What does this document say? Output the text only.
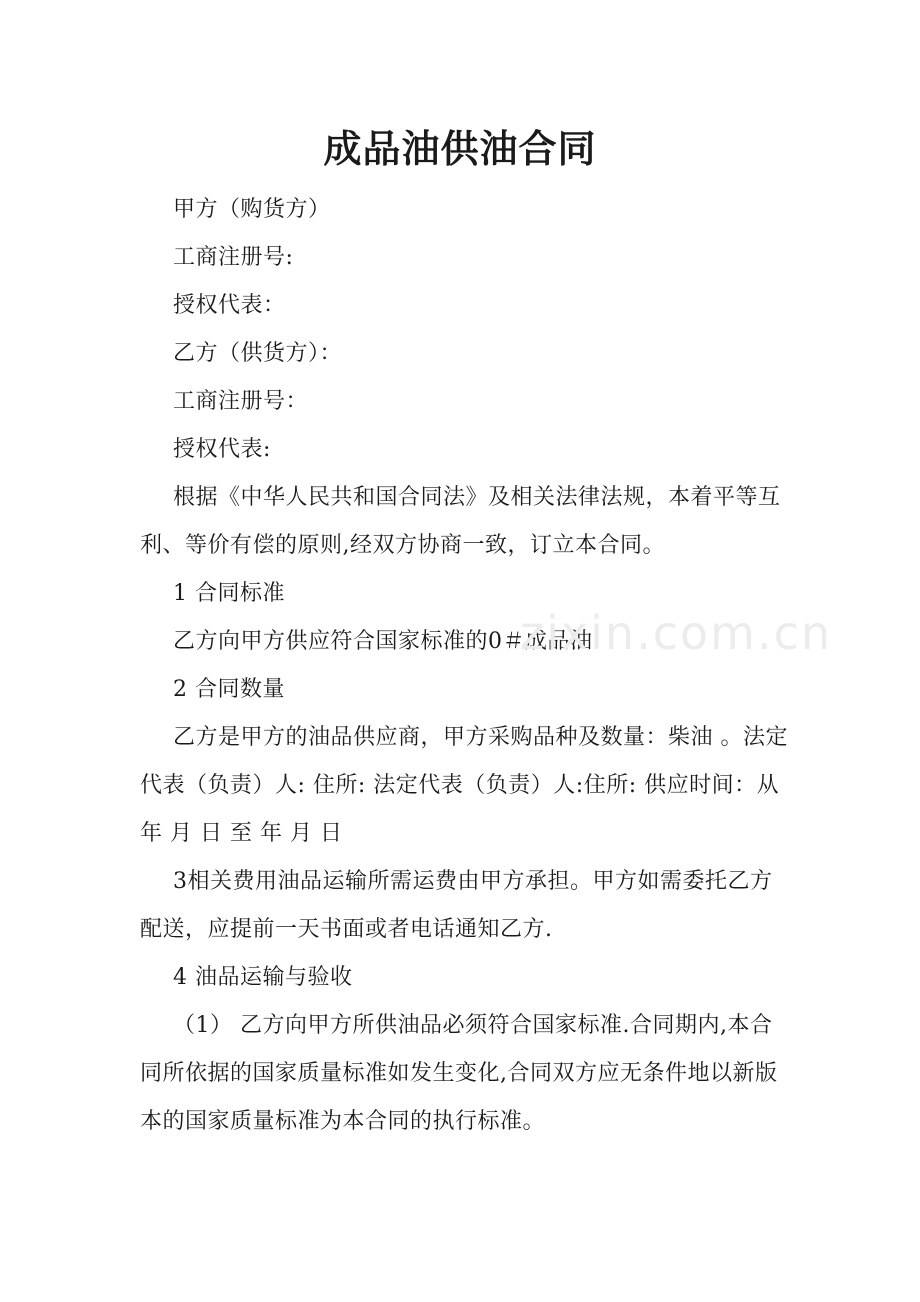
成品油供油合同

甲方（购货方）

工商注册号:

授权代表：

乙方（供货方）：

工商注册号：

授权代表:

根据《中华人民共和国合同法》及相关法律法规，本着平等互利、等价有偿的原则,经双方协商一致，订立本合同。

1 合同标准

乙方向甲方供应符合国家标准的0＃成品油.

2 合同数量

乙方是甲方的油品供应商，甲方采购品种及数量：柴油 。法定代表（负责）人: 住所: 法定代表（负责）人:住所: 供应时间：从 年 月 日 至 年 月 日

3相关费用油品运输所需运费由甲方承担。甲方如需委托乙方配送，应提前一天书面或者电话通知乙方.

4 油品运输与验收

（1） 乙方向甲方所供油品必须符合国家标准.合同期内,本合同所依据的国家质量标准如发生变化,合同双方应无条件地以新版本的国家质量标准为本合同的执行标准。

zixin.com.cn
